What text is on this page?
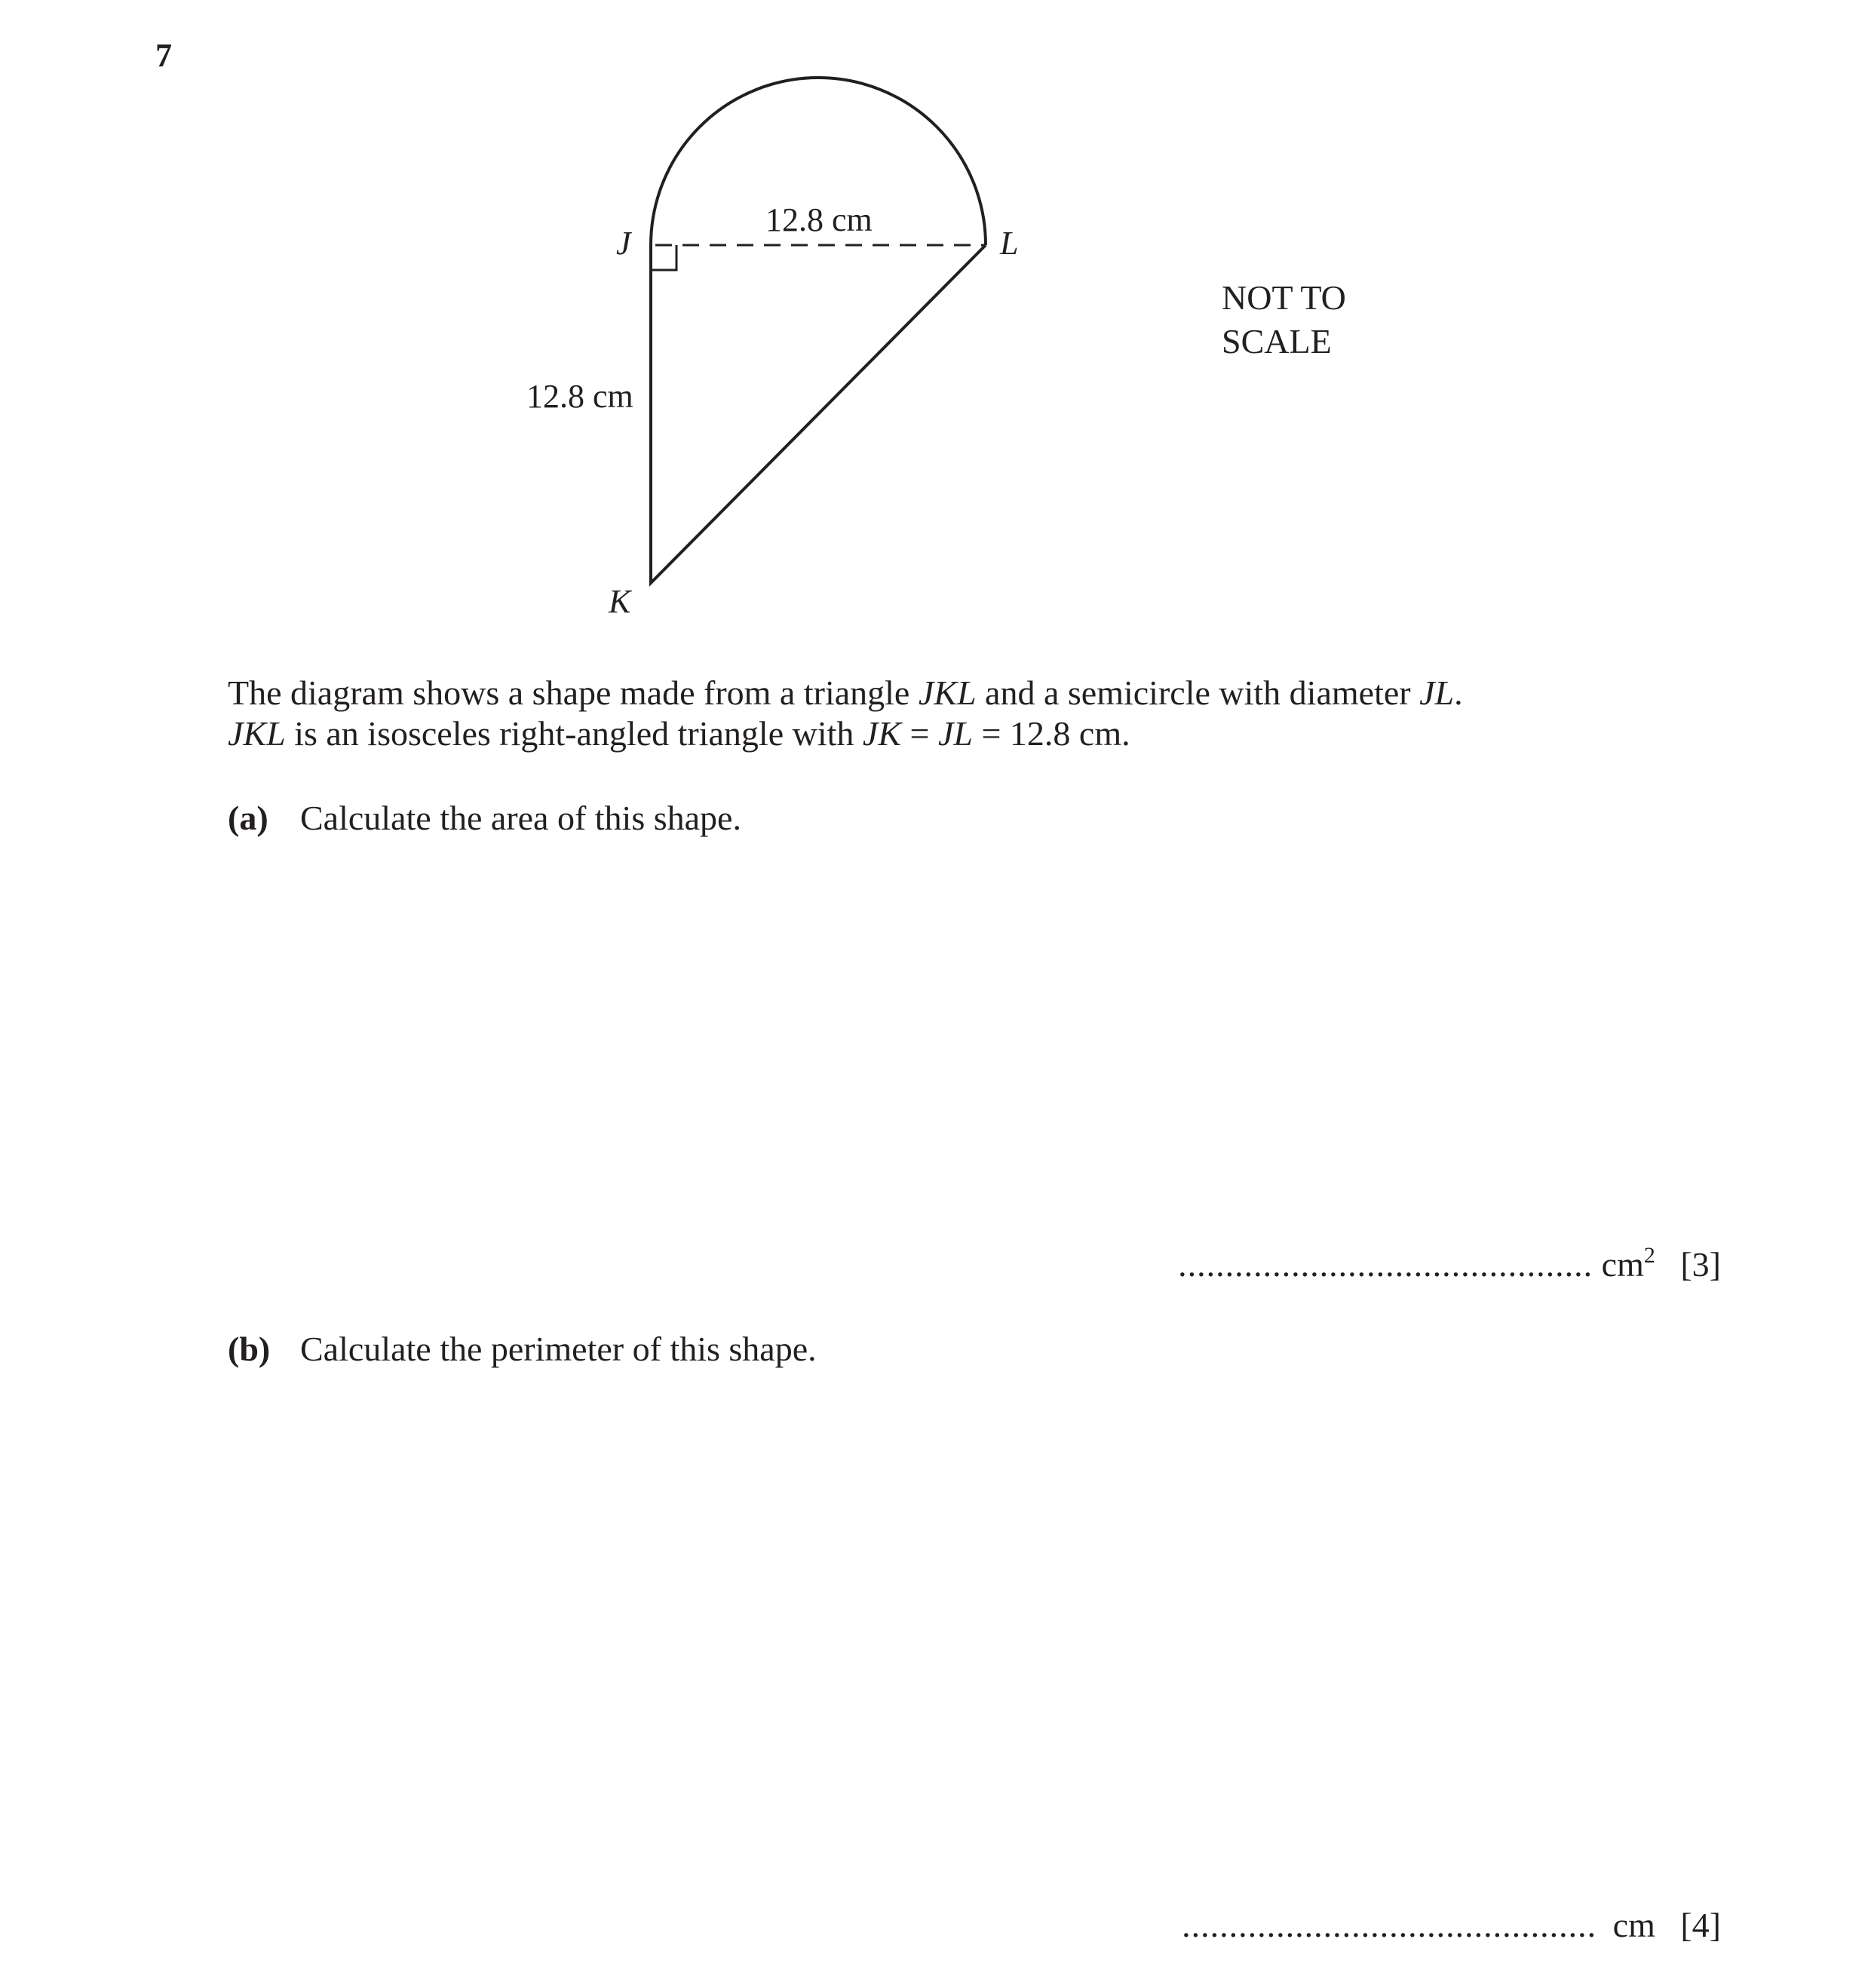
7
12.8 cm
12.8 cm
J	L
K
NOT TO
SCALE
The diagram shows a shape made from a triangle JKL and a semicircle with diameter JL.
JKL is an isosceles right-angled triangle with JK = JL = 12.8 cm.
(a) Calculate the area of this shape.
............................................ $cm^2$ [3]
(b) Calculate the perimeter of this shape.
............................................ cm [4]
